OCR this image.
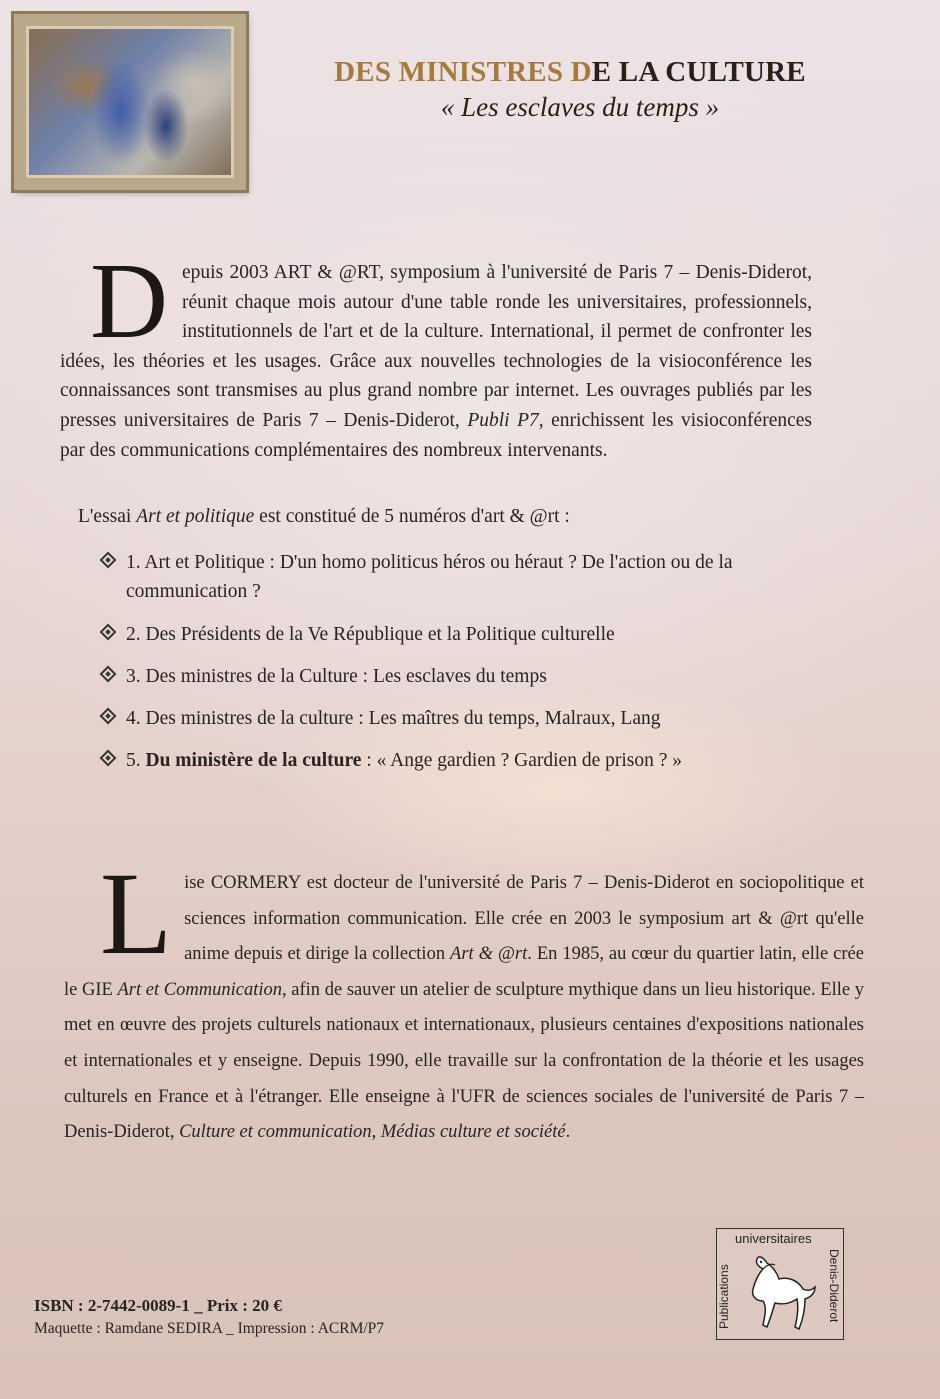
DES MINISTRES DE LA CULTURE
« Les esclaves du temps »
Depuis 2003 ART & @RT, symposium à l'université de Paris 7 – Denis-Diderot, réunit chaque mois autour d'une table ronde les universitaires, professionnels, institutionnels de l'art et de la culture. International, il permet de confronter les idées, les théories et les usages. Grâce aux nouvelles technologies de la visioconférence les connaissances sont transmises au plus grand nombre par internet. Les ouvrages publiés par les presses universitaires de Paris 7 – Denis-Diderot, Publi P7, enrichissent les visioconférences par des communications complémentaires des nombreux intervenants.
L'essai Art et politique est constitué de 5 numéros d'art & @rt :
1. Art et Politique : D'un homo politicus héros ou héraut ? De l'action ou de la communication ?
2. Des Présidents de la Ve République et la Politique culturelle
3. Des ministres de la Culture : Les esclaves du temps
4. Des ministres de la culture : Les maîtres du temps, Malraux, Lang
5. Du ministère de la culture : « Ange gardien ? Gardien de prison ? »
Lise CORMERY est docteur de l'université de Paris 7 – Denis-Diderot en sociopolitique et sciences information communication. Elle crée en 2003 le symposium art & @rt qu'elle anime depuis et dirige la collection Art & @rt. En 1985, au cœur du quartier latin, elle crée le GIE Art et Communication, afin de sauver un atelier de sculpture mythique dans un lieu historique. Elle y met en œuvre des projets culturels nationaux et internationaux, plusieurs centaines d'expositions nationales et internationales et y enseigne. Depuis 1990, elle travaille sur la confrontation de la théorie et les usages culturels en France et à l'étranger. Elle enseigne à l'UFR de sciences sociales de l'université de Paris 7 – Denis-Diderot, Culture et communication, Médias culture et société.
ISBN : 2-7442-0089-1 _ Prix : 20 €
Maquette : Ramdane SEDIRA _ Impression : ACRM/P7
universitaires
Publications	Denis-Diderot
